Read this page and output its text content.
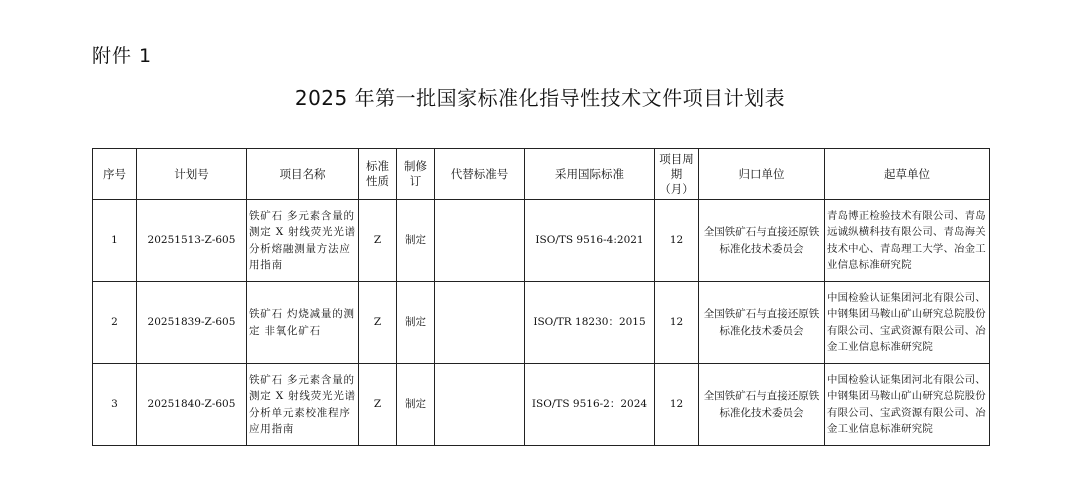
附件 1
2025 年第一批国家标准化指导性技术文件项目计划表
序号	计划号	项目名称	标准性质	制修订	代替标准号	采用国际标准	项目周期（月）	归口单位	起草单位
1	20251513-Z-605	铁矿石 多元素含量的测定 X 射线荧光光谱分析熔融测量方法应用指南	Z	制定		ISO/TS 9516-4:2021	12	全国铁矿石与直接还原铁标准化技术委员会	青岛博正检验技术有限公司、青岛远诚纵横科技有限公司、青岛海关技术中心、青岛理工大学、冶金工业信息标准研究院
2	20251839-Z-605	铁矿石 灼烧减量的测定 非氧化矿石	Z	制定		ISO/TR 18230：2015	12	全国铁矿石与直接还原铁标准化技术委员会	中国检验认证集团河北有限公司、中钢集团马鞍山矿山研究总院股份有限公司、宝武资源有限公司、冶金工业信息标准研究院
3	20251840-Z-605	铁矿石 多元素含量的测定 X 射线荧光光谱分析单元素校准程序应用指南	Z	制定		ISO/TS 9516-2：2024	12	全国铁矿石与直接还原铁标准化技术委员会	中国检验认证集团河北有限公司、中钢集团马鞍山矿山研究总院股份有限公司、宝武资源有限公司、冶金工业信息标准研究院
